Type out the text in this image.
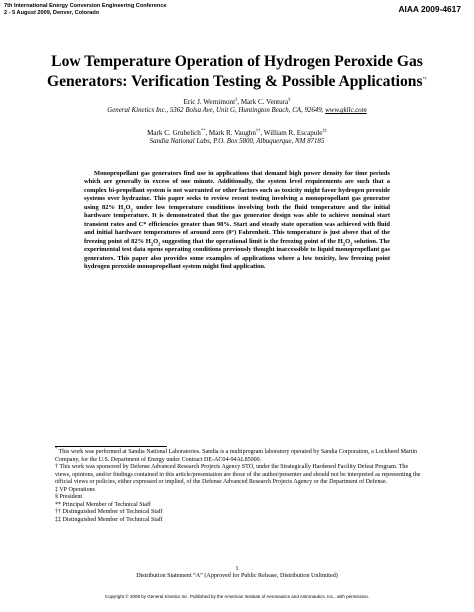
7th International Energy Conversion Engineering Conference
2 - 5 August 2009, Denver, Colorado	AIAA 2009-4617
Low Temperature Operation of Hydrogen Peroxide Gas
Generators: Verification Testing & Possible Applications*†
Eric J. Wernimont‡, Mark C. Ventura§
General Kinetics Inc., 5362 Bolsa Ave, Unit G, Huntington Beach, CA, 92649, www.gkllc.com
Mark C. Grubelich**, Mark R. Vaughn††, William R. Escapule‡‡
Sandia National Labs, P.O. Box 5800, Albuquerque, NM 87185

Monopropellant gas generators find use in applications that demand high power density for time periods which are generally in excess of one minute. Additionally, the system level requirements are such that a complex bi-propellant system is not warranted or other factors such as toxicity might favor hydrogen peroxide systems over hydrazine. This paper seeks to review recent testing involving a monopropellant gas generator using 82% $H_2O_2$ under low temperature conditions involving both the fluid temperature and the initial hardware temperature. It is demonstrated that the gas generator design was able to achieve nominal start transient rates and C* efficiencies greater than 98%. Start and steady state operation was achieved with fluid and initial hardware temperatures of around zero (0°) Fahrenheit. This temperature is just above that of the freezing point of 82% $H_2O_2$ suggesting that the operational limit is the freezing point of the $H_2O_2$ solution. The experimental test data opens operating conditions previously thought inaccessible to liquid monopropellant gas generators. This paper also provides some examples of applications where a low toxicity, low freezing point hydrogen peroxide monopropellant system might find application.

* This work was performed at Sandia National Laboratories. Sandia is a multiprogram laboratory operated by Sandia Corporation, a Lockheed Martin Company, for the U.S. Department of Energy under Contract DE-AC04-94AL85000.
† This work was sponsored by Defense Advanced Research Projects Agency STO, under the Strategically Hardened Facility Defeat Program. The views, opinions, and/or findings contained in this article/presentation are those of the author/presenter and should not be interpreted as representing the official views or policies, either expressed or implied, of the Defense Advanced Research Projects Agency or the Department of Defense.
‡ VP Operations
§ President
** Principal Member of Technical Staff
†† Distinguished Member of Technical Staff
‡‡ Distinguished Member of Technical Staff
1
Distribution Statement “A” (Approved for Public Release, Distribution Unlimited)
Copyright © 2009 by General Kinetics Inc. Published by the American Institute of Aeronautics and Astronautics, Inc., with permission.
